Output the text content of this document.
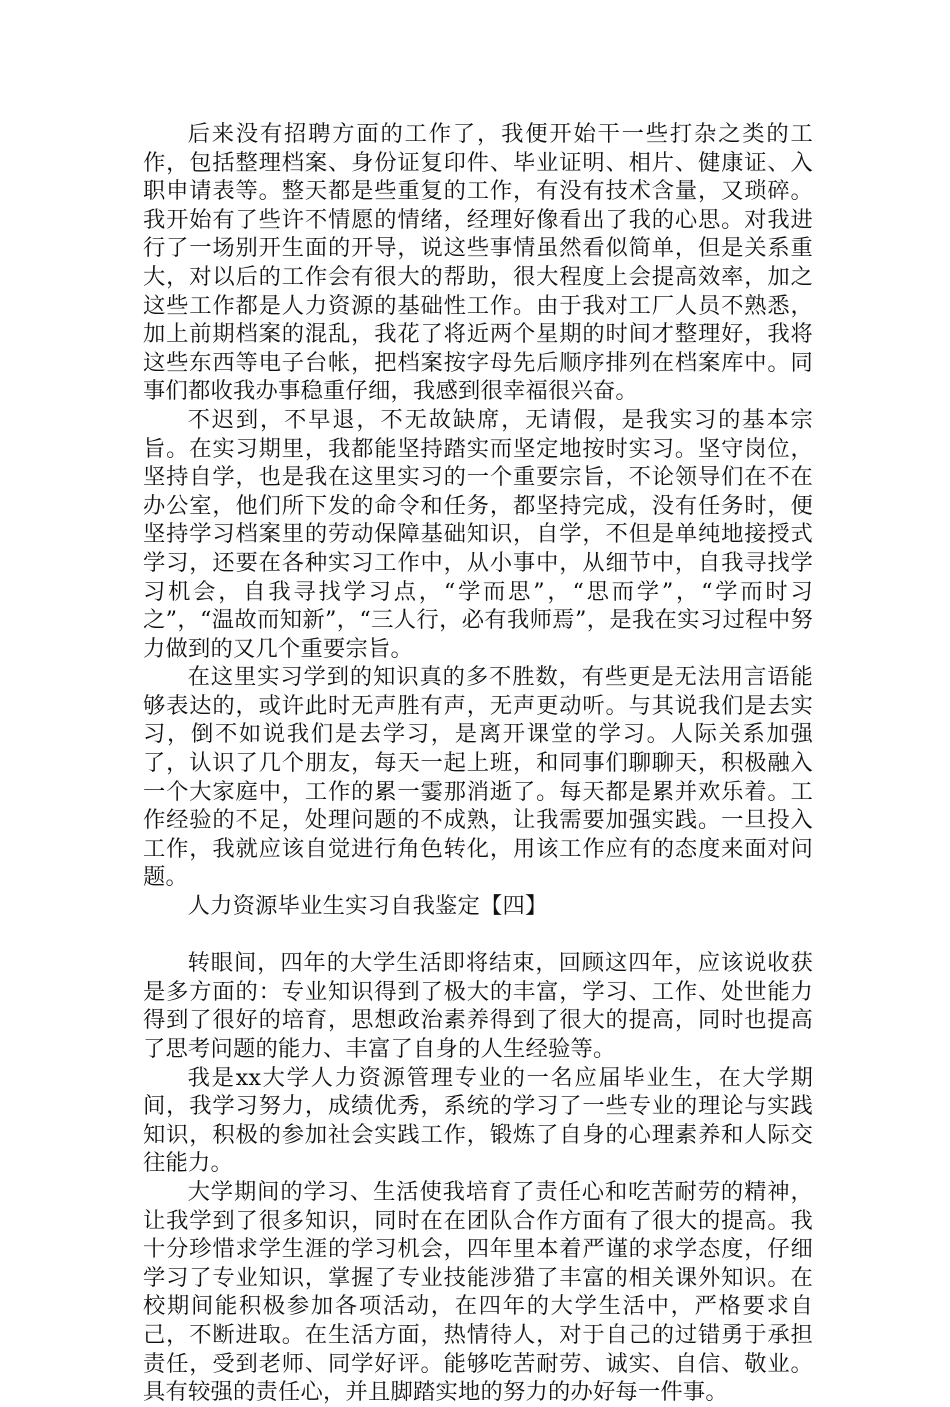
后来没有招聘方面的工作了，我便开始干一些打杂之类的工作，包括整理档案、身份证复印件、毕业证明、相片、健康证、入职申请表等。整天都是些重复的工作，有没有技术含量，又琐碎。我开始有了些许不情愿的情绪，经理好像看出了我的心思。对我进行了一场别开生面的开导，说这些事情虽然看似简单，但是关系重大，对以后的工作会有很大的帮助，很大程度上会提高效率，加之这些工作都是人力资源的基础性工作。由于我对工厂人员不熟悉，加上前期档案的混乱，我花了将近两个星期的时间才整理好，我将这些东西等电子台帐，把档案按字母先后顺序排列在档案库中。同事们都收我办事稳重仔细，我感到很幸福很兴奋。

不迟到，不早退，不无故缺席，无请假，是我实习的基本宗旨。在实习期里，我都能坚持踏实而坚定地按时实习。坚守岗位，坚持自学，也是我在这里实习的一个重要宗旨，不论领导们在不在办公室，他们所下发的命令和任务，都坚持完成，没有任务时，便坚持学习档案里的劳动保障基础知识，自学，不但是单纯地接授式学习，还要在各种实习工作中，从小事中，从细节中，自我寻找学习机会，自我寻找学习点，“学而思”，“思而学”，“学而时习之”，“温故而知新”，“三人行，必有我师焉”，是我在实习过程中努力做到的又几个重要宗旨。

在这里实习学到的知识真的多不胜数，有些更是无法用言语能够表达的，或许此时无声胜有声，无声更动听。与其说我们是去实习，倒不如说我们是去学习，是离开课堂的学习。人际关系加强了，认识了几个朋友，每天一起上班，和同事们聊聊天，积极融入一个大家庭中，工作的累一霎那消逝了。每天都是累并欢乐着。工作经验的不足，处理问题的不成熟，让我需要加强实践。一旦投入工作，我就应该自觉进行角色转化，用该工作应有的态度来面对问题。

人力资源毕业生实习自我鉴定【四】

转眼间，四年的大学生活即将结束，回顾这四年，应该说收获是多方面的：专业知识得到了极大的丰富，学习、工作、处世能力得到了很好的培育，思想政治素养得到了很大的提高，同时也提高了思考问题的能力、丰富了自身的人生经验等。

我是xx大学人力资源管理专业的一名应届毕业生，在大学期间，我学习努力，成绩优秀，系统的学习了一些专业的理论与实践知识，积极的参加社会实践工作，锻炼了自身的心理素养和人际交往能力。

大学期间的学习、生活使我培育了责任心和吃苦耐劳的精神，让我学到了很多知识，同时在在团队合作方面有了很大的提高。我十分珍惜求学生涯的学习机会，四年里本着严谨的求学态度，仔细学习了专业知识，掌握了专业技能涉猎了丰富的相关课外知识。在校期间能积极参加各项活动，在四年的大学生活中，严格要求自己，不断进取。在生活方面，热情待人，对于自己的过错勇于承担责任，受到老师、同学好评。能够吃苦耐劳、诚实、自信、敬业。具有较强的责任心，并且脚踏实地的努力的办好每一件事。
